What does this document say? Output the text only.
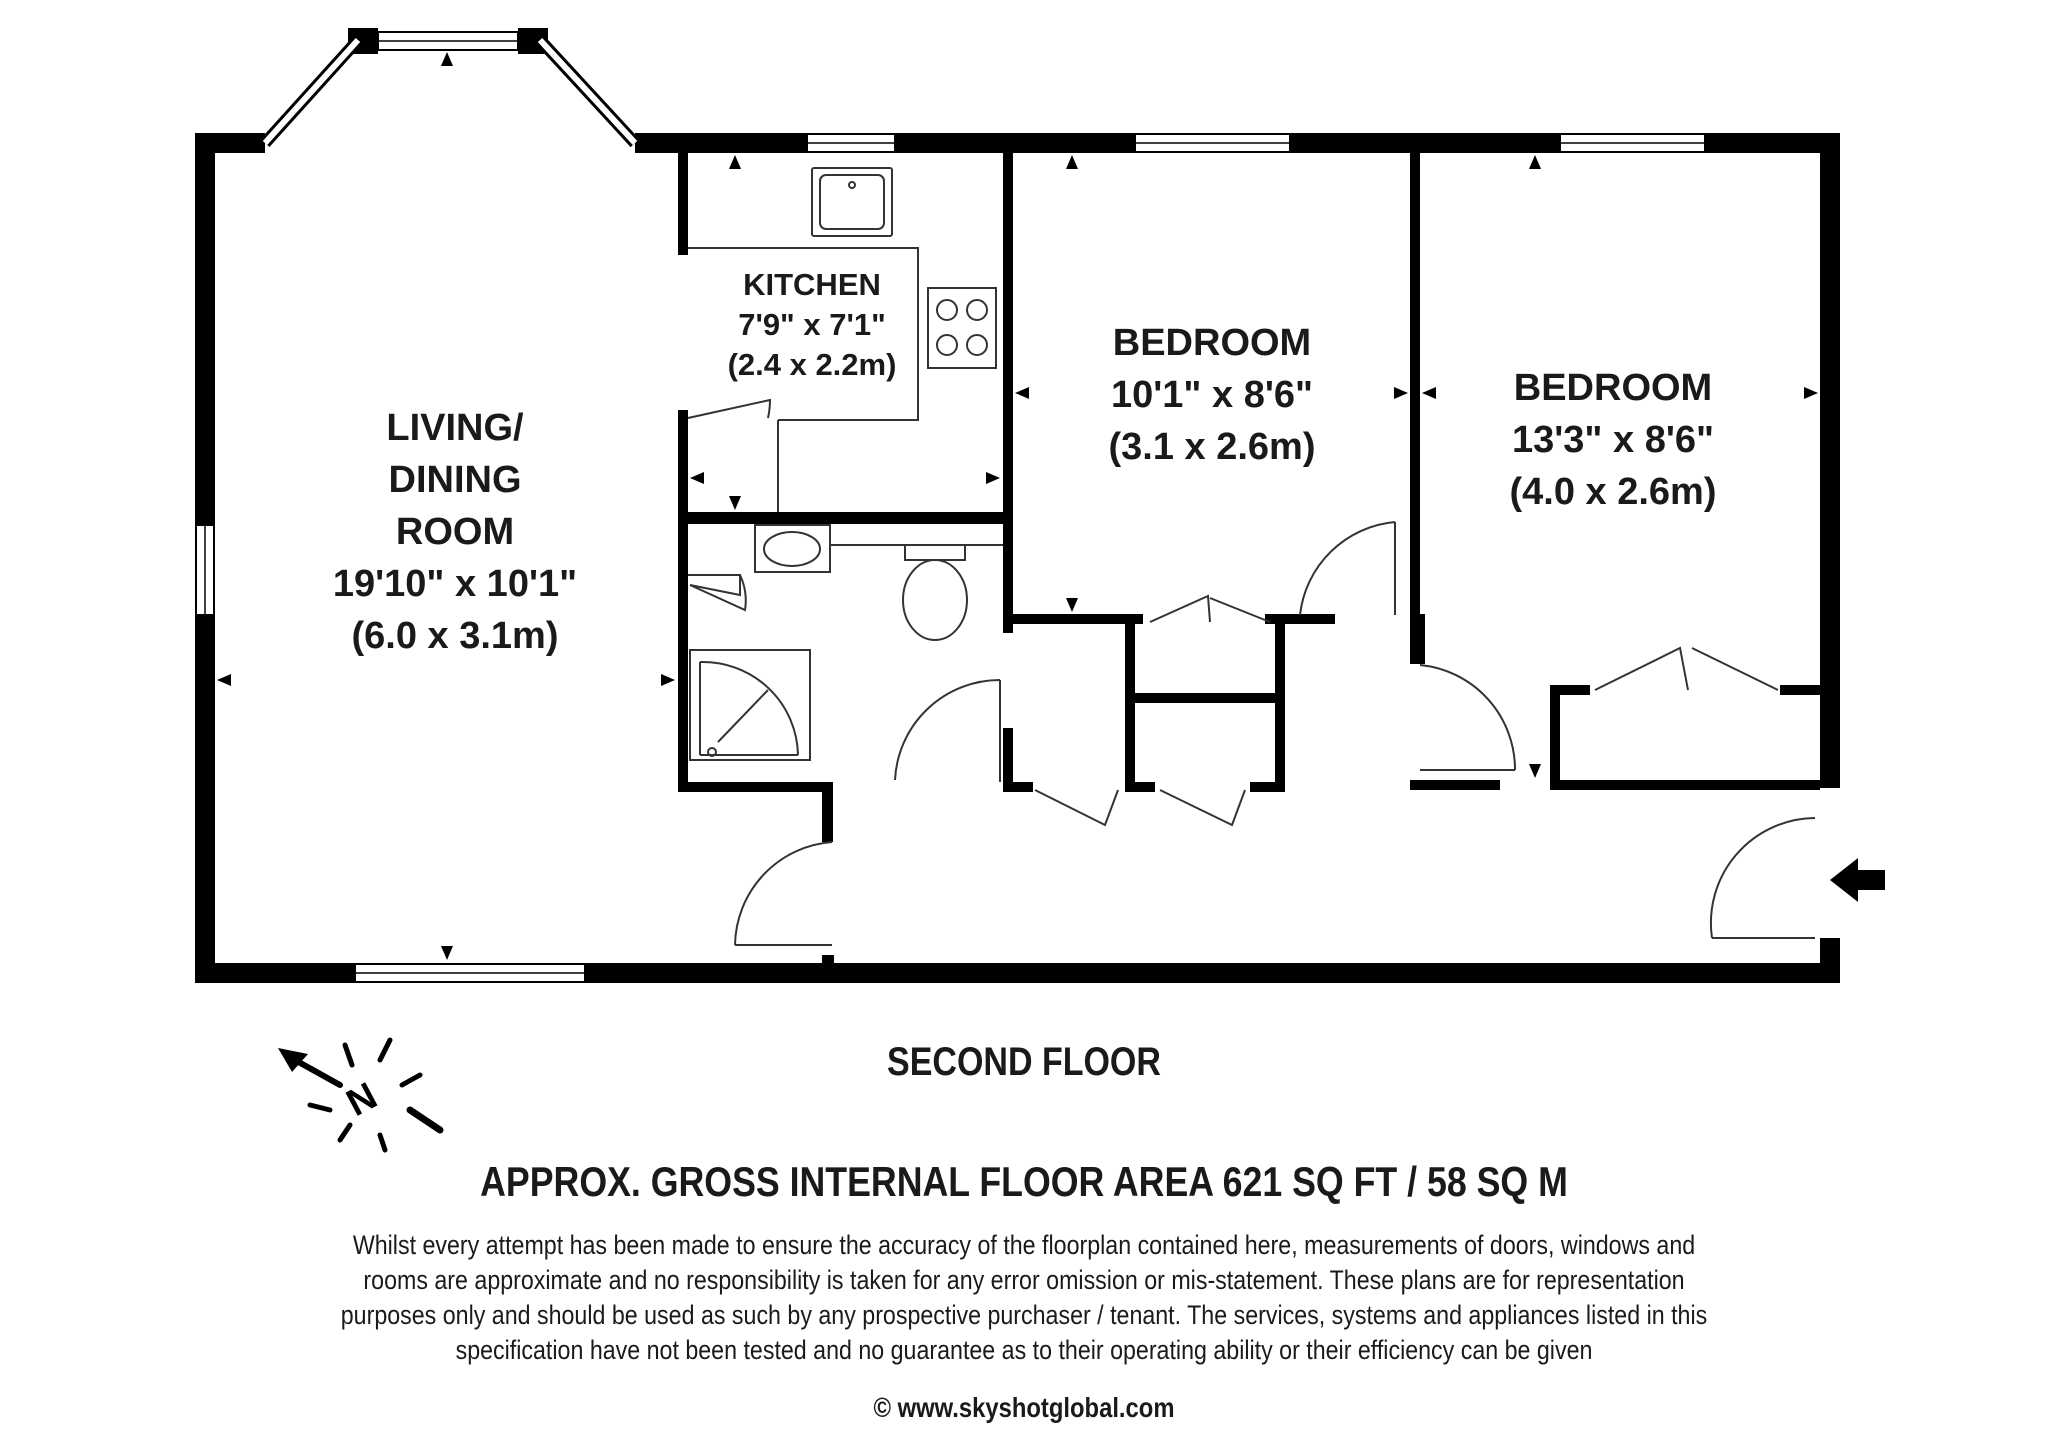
LIVING/
DINING
ROOM
19'10" x 10'1"
(6.0 x 3.1m)
KITCHEN
7'9" x 7'1"
(2.4 x 2.2m)
BEDROOM
10'1" x 8'6"
(3.1 x 2.6m)
BEDROOM
13'3" x 8'6"
(4.0 x 2.6m)
N
SECOND FLOOR
APPROX. GROSS INTERNAL FLOOR AREA 621 SQ FT / 58 SQ M
Whilst every attempt has been made to ensure the accuracy of the floorplan contained here, measurements of doors, windows and
rooms are approximate and no responsibility is taken for any error omission or mis-statement. These plans are for representation
purposes only and should be used as such by any prospective purchaser / tenant. The services, systems and appliances listed in this
specification have not been tested and no guarantee as to their operating ability or their efficiency can be given
© www.skyshotglobal.com
